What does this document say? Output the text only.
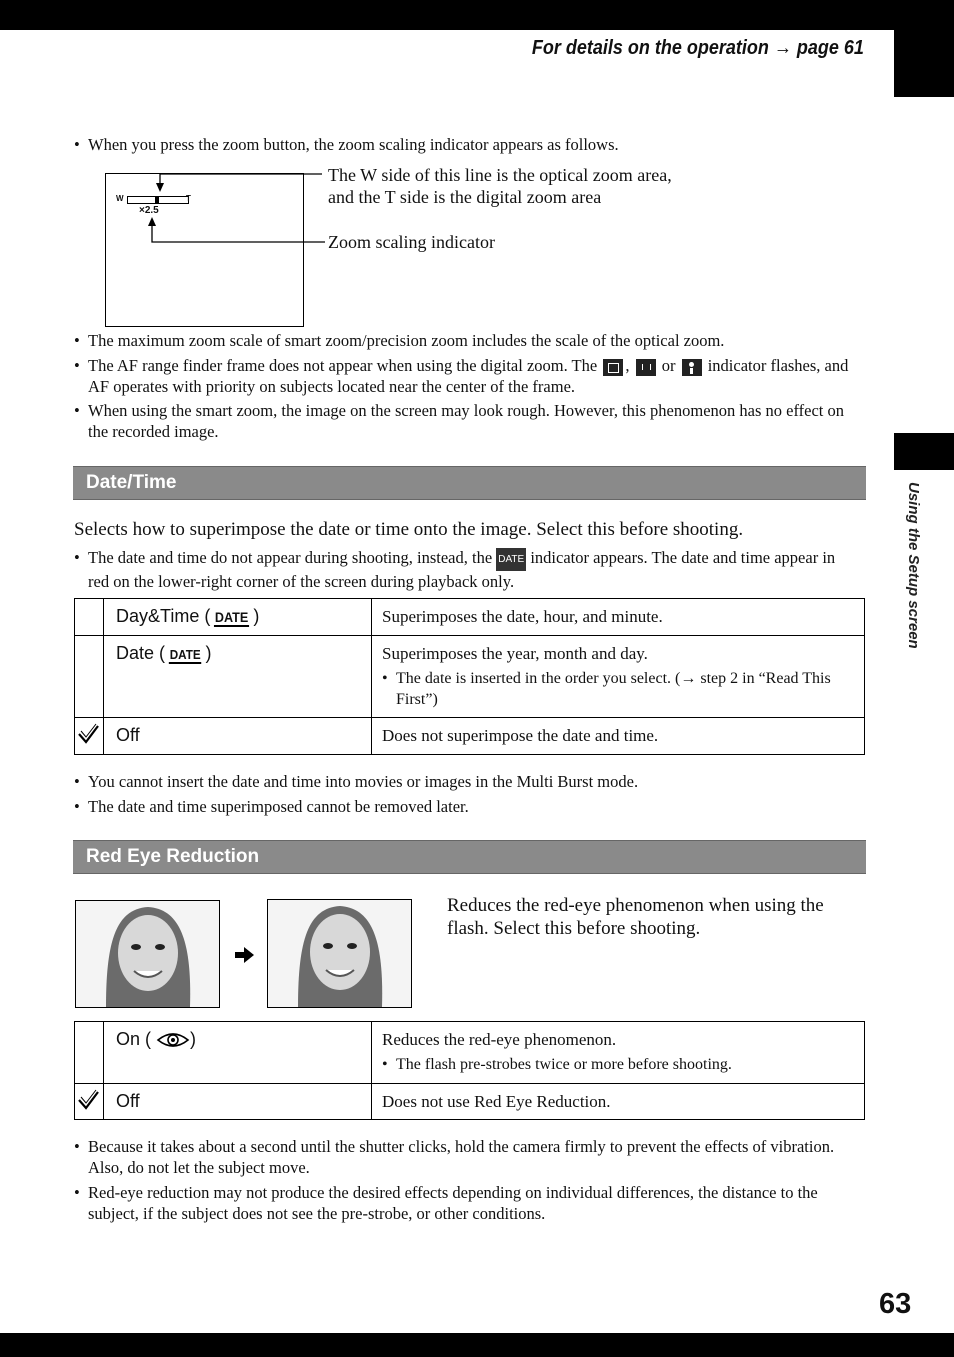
For details on the operation → page 61
Using the Setup screen
63
• When you press the zoom button, the zoom scaling indicator appears as follows.
W	T
×2.5
The W side of this line is the optical zoom area,
and the T side is the digital zoom area
Zoom scaling indicator
• The maximum zoom scale of smart zoom/precision zoom includes the scale of the optical zoom.
• The AF range finder frame does not appear when using the digital zoom. The , or indicator flashes, and AF operates with priority on subjects located near the center of the frame.
• When using the smart zoom, the image on the screen may look rough. However, this phenomenon has no effect on the recorded image.
Date/Time
Selects how to superimpose the date or time onto the image. Select this before shooting.
• The date and time do not appear during shooting, instead, the DATE indicator appears. The date and time appear in red on the lower-right corner of the screen during playback only.
	Day&Time ( DATE )	Superimposes the date, hour, and minute.
	Date ( DATE )	Superimposes the year, month and day.
• The date is inserted in the order you select. (→ step 2 in “Read This First”)

	Off	Does not superimpose the date and time.
• You cannot insert the date and time into movies or images in the Multi Burst mode.
• The date and time superimposed cannot be removed later.
Red Eye Reduction
Reduces the red-eye phenomenon when using the flash. Select this before shooting.
	On ( )	Reduces the red-eye phenomenon.
• The flash pre-strobes twice or more before shooting.

	Off	Does not use Red Eye Reduction.
• Because it takes about a second until the shutter clicks, hold the camera firmly to prevent the effects of vibration. Also, do not let the subject move.
• Red-eye reduction may not produce the desired effects depending on individual differences, the distance to the subject, if the subject does not see the pre-strobe, or other conditions.
